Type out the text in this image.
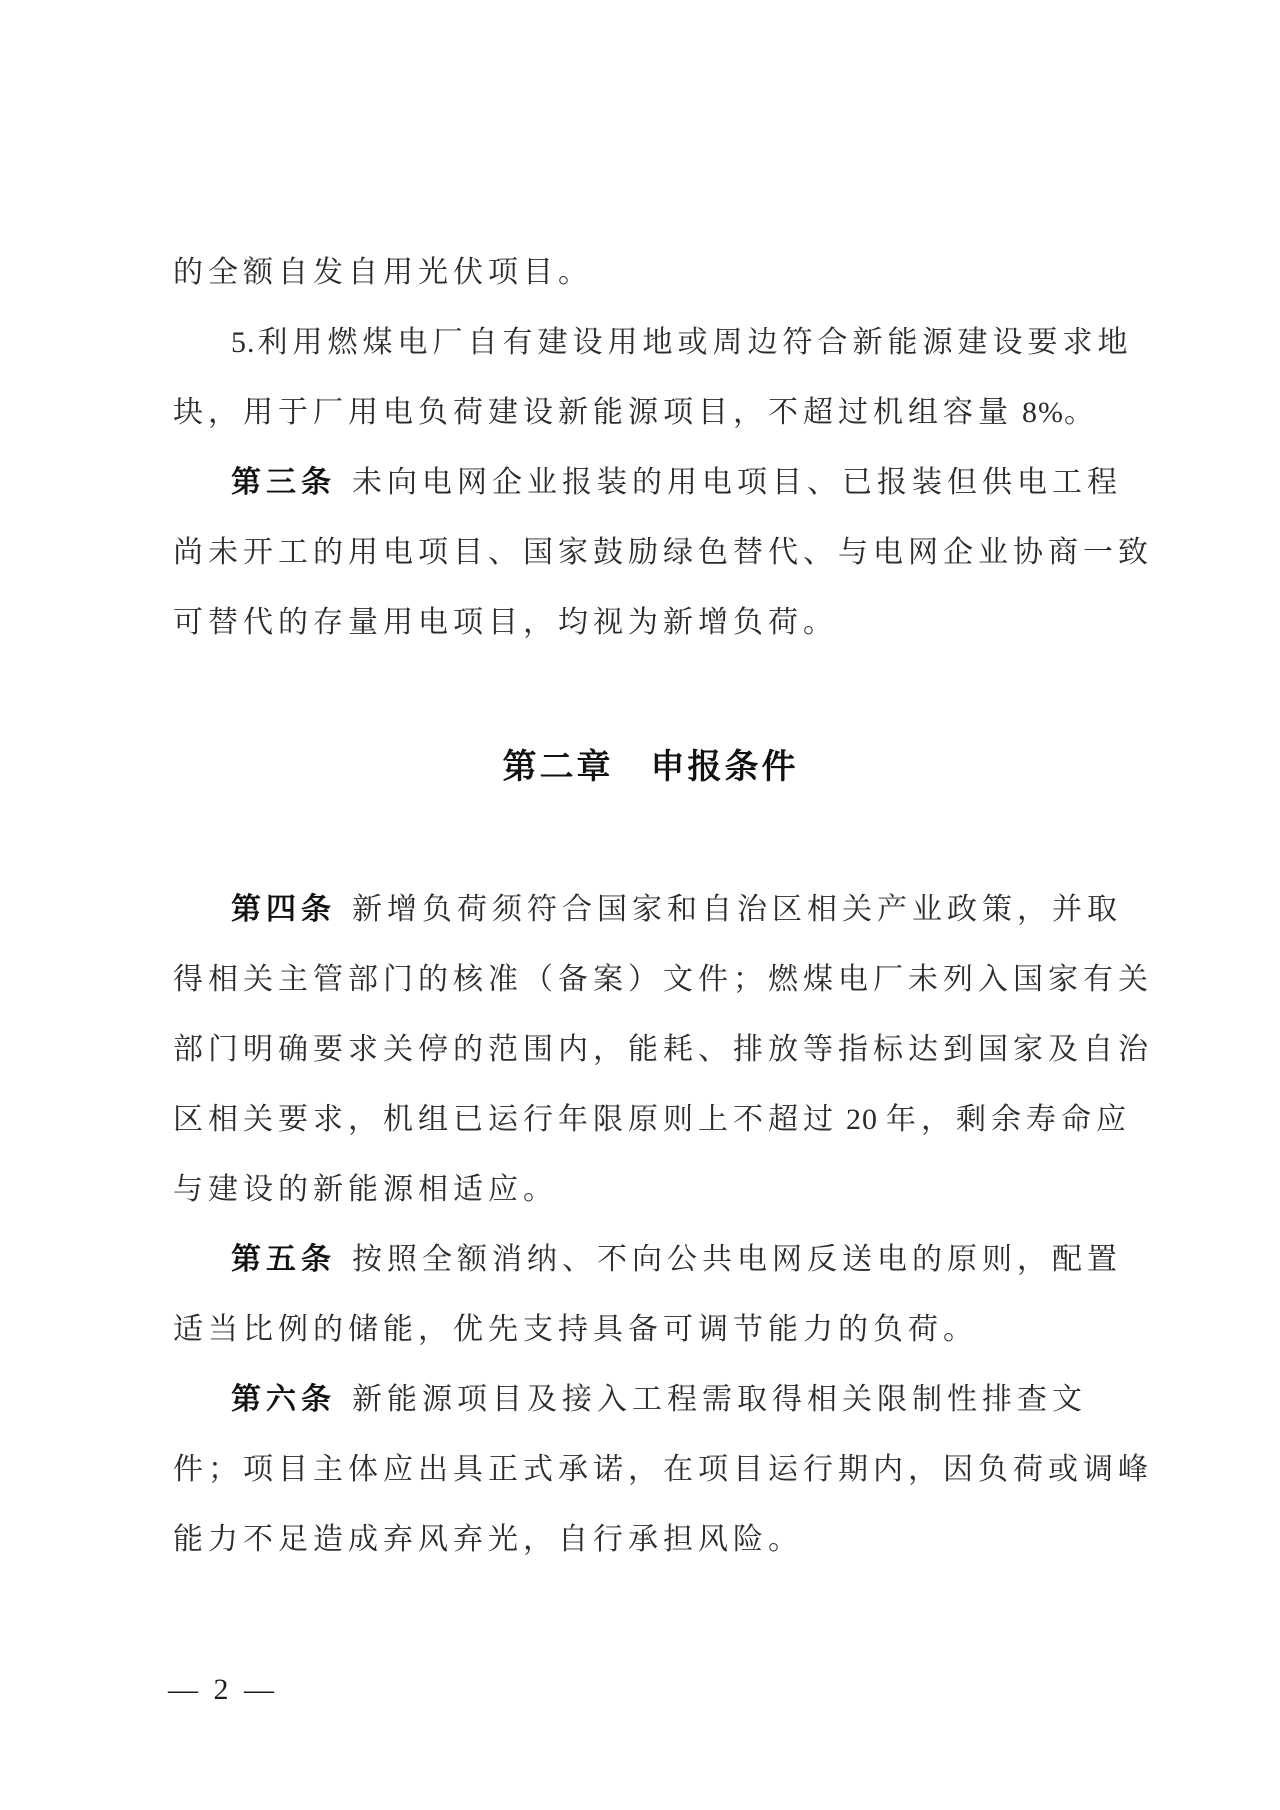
的全额自发自用光伏项目。
5.利用燃煤电厂自有建设用地或周边符合新能源建设要求地
块，用于厂用电负荷建设新能源项目，不超过机组容量 8%。
第三条 未向电网企业报装的用电项目、已报装但供电工程
尚未开工的用电项目、国家鼓励绿色替代、与电网企业协商一致
可替代的存量用电项目，均视为新增负荷。
第二章　申报条件
第四条 新增负荷须符合国家和自治区相关产业政策，并取
得相关主管部门的核准（备案）文件；燃煤电厂未列入国家有关
部门明确要求关停的范围内，能耗、排放等指标达到国家及自治
区相关要求，机组已运行年限原则上不超过 20 年，剩余寿命应
与建设的新能源相适应。
第五条 按照全额消纳、不向公共电网反送电的原则，配置
适当比例的储能，优先支持具备可调节能力的负荷。
第六条 新能源项目及接入工程需取得相关限制性排查文
件；项目主体应出具正式承诺，在项目运行期内，因负荷或调峰
能力不足造成弃风弃光，自行承担风险。
— 2 —
